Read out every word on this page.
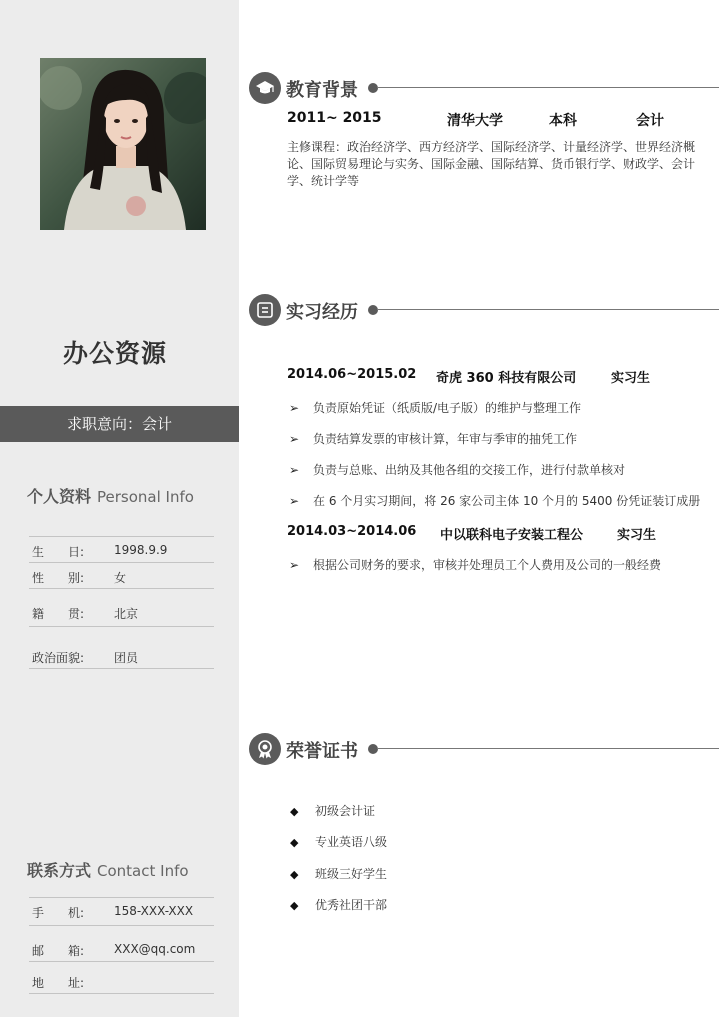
办公资源
求职意向：会计
个人资料 Personal Info
生　　日: 1998.9.9
性　　别: 女
籍　　贯: 北京
政治面貌: 团员
联系方式 Contact Info
手　　机: 158-XXX-XXX
邮　　箱: XXX@qq.com
地　　址:
教育背景
2011~ 2015	清华大学	本科	会计
主修课程：政治经济学、西方经济学、国际经济学、计量经济学、世界经济概论、国际贸易理论与实务、国际金融、国际结算、货币银行学、财政学、会计学、统计学等
实习经历
2014.06~2015.02 奇虎 360 科技有限公司	实习生
➢ 负责原始凭证（纸质版/电子版）的维护与整理工作
➢ 负责结算发票的审核计算，年审与季审的抽凭工作
➢ 负责与总账、出纳及其他各组的交接工作，进行付款单核对
➢ 在 6 个月实习期间，将 26 家公司主体 10 个月的 5400 份凭证装订成册
2014.03~2014.06 中以联科电子安装工程公	实习生
➢ 根据公司财务的要求，审核并处理员工个人费用及公司的一般经费
荣誉证书
◆ 初级会计证
◆ 专业英语八级
◆ 班级三好学生
◆ 优秀社团干部
